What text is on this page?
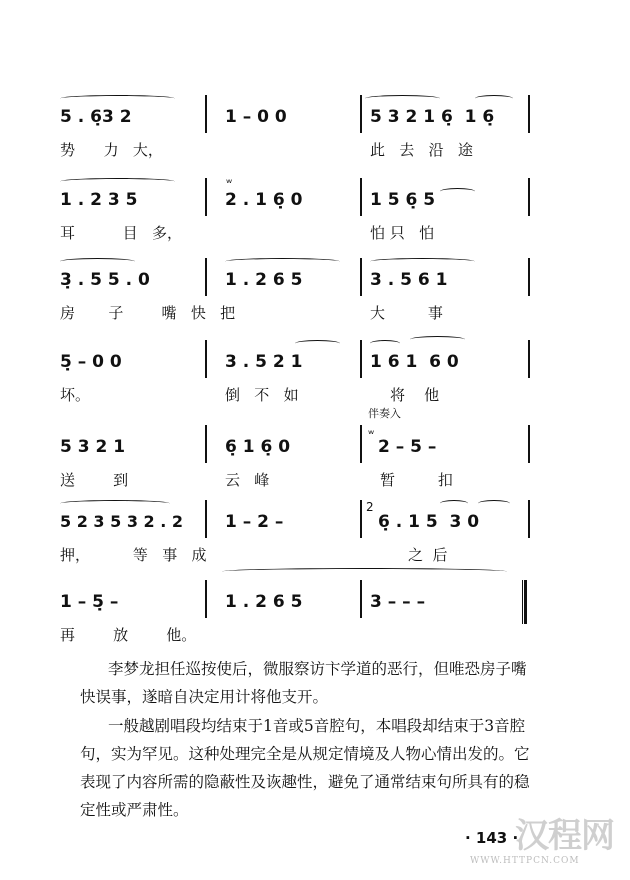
5 . 6̣3 2	1 – 0 0	5 3 2 1 6̣  1 6̣
势      力   大，	此   去   沿   途
1 . 2 3 5
ʷ
2 . 1 6̣ 0	1 5 6̣ 5
耳          目   多，	怕 只   怕
3̣ . 5 5 . 0	1 . 2 6 5	3 . 5 6 1
房       子        嘴   快   把	大         事
5̣ – 0 0	3 . 5 2 1	1 6 1  6 0
坏。	倒   不   如	将    他
伴奏入
5 3 2 1	6̣ 1 6̣ 0
ʷ
2 – 5 –
送        到	云   峰	暂         扣
5 2 3 5 3 2 . 2 1 – 2 –
2
6̣ . 1 5  3 0
押，         等   事   成	之  后
1 – 5̣ –	1 . 2 6 5	3 – – –
再        放        他。
李梦龙担任巡按使后，微服察访卞学道的恶行，但唯恐房子嘴快误事，遂暗自决定用计将他支开。
一般越剧唱段均结束于1音或5音腔句，本唱段却结束于3音腔句，实为罕见。这种处理完全是从规定情境及人物心情出发的。它表现了内容所需的隐蔽性及诙趣性，避免了通常结束句所具有的稳定性或严肃性。
· 143 ·
汉程网
WWW.HTTPCN.COM
